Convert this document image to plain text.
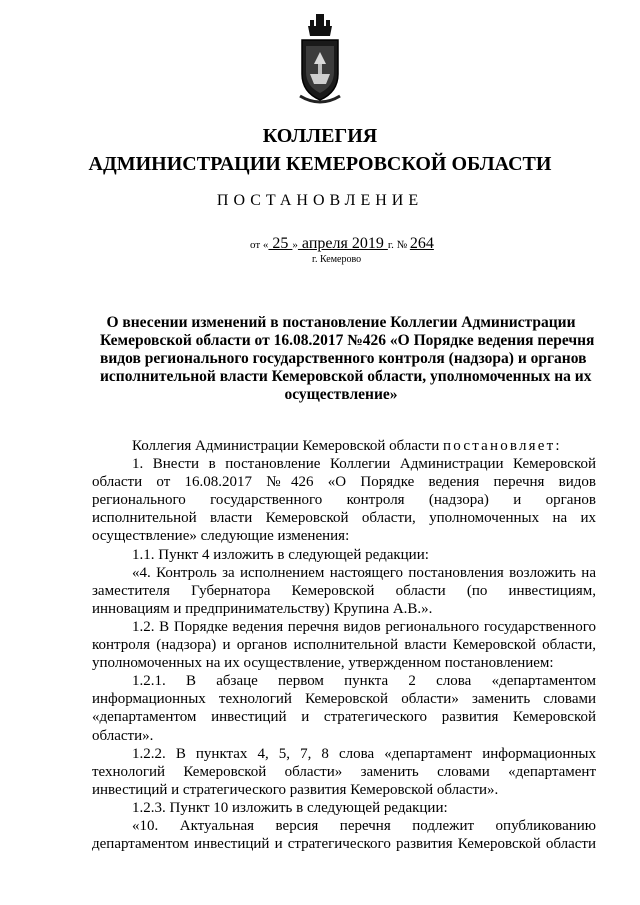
КОЛЛЕГИЯ
АДМИНИСТРАЦИИ КЕМЕРОВСКОЙ ОБЛАСТИ
ПОСТАНОВЛЕНИЕ
от « 25 » апреля 2019 г. № 264
г. Кемерово
О внесении изменений в постановление Коллегии Администрации
Кемеровской области от 16.08.2017 №426 «О Порядке ведения перечня
видов регионального государственного контроля (надзора) и органов
исполнительной власти Кемеровской области, уполномоченных на их
осуществление»
Коллегия Администрации Кемеровской области постановляет:
1. Внести в постановление Коллегии Администрации Кемеровской
области от 16.08.2017 №426 «О Порядке ведения перечня видов
регионального государственного контроля (надзора) и органов
исполнительной власти Кемеровской области, уполномоченных на их
осуществление» следующие изменения:
1.1. Пункт 4 изложить в следующей редакции:
«4. Контроль за исполнением настоящего постановления возложить на
заместителя Губернатора Кемеровской области (по инвестициям,
инновациям и предпринимательству) Крупина А.В.».
1.2. В Порядке ведения перечня видов регионального государственного
контроля (надзора) и органов исполнительной власти Кемеровской области,
уполномоченных на их осуществление, утвержденном постановлением:
1.2.1. В абзаце первом пункта 2 слова «департаментом
информационных технологий Кемеровской области» заменить словами
«департаментом инвестиций и стратегического развития Кемеровской
области».
1.2.2. В пунктах 4, 5, 7, 8 слова «департамент информационных
технологий Кемеровской области» заменить словами «департамент
инвестиций и стратегического развития Кемеровской области».
1.2.3. Пункт 10 изложить в следующей редакции:
«10. Актуальная версия перечня подлежит опубликованию
департаментом инвестиций и стратегического развития Кемеровской области
